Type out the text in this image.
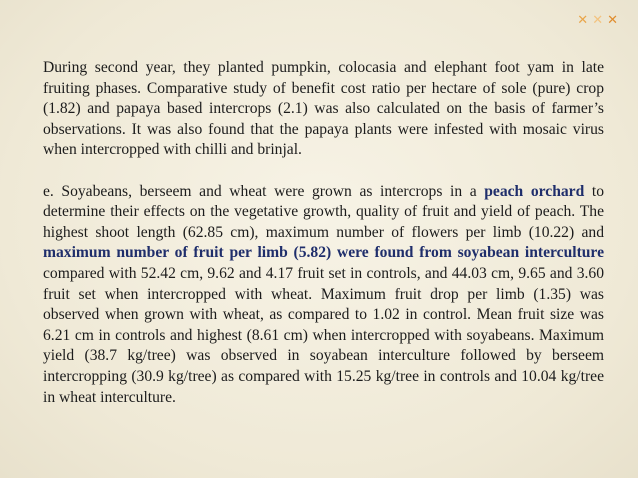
✕ ✕ ✕

During second year, they planted pumpkin, colocasia and elephant foot yam in late fruiting phases. Comparative study of benefit cost ratio per hectare of sole (pure) crop (1.82) and papaya based intercrops (2.1) was also calculated on the basis of farmer’s observations. It was also found that the papaya plants were infested with mosaic virus when intercropped with chilli and brinjal.

e. Soyabeans, berseem and wheat were grown as intercrops in a peach orchard to determine their effects on the vegetative growth, quality of fruit and yield of peach. The highest shoot length (62.85 cm), maximum number of flowers per limb (10.22) and maximum number of fruit per limb (5.82) were found from soyabean interculture compared with 52.42 cm, 9.62 and 4.17 fruit set in controls, and 44.03 cm, 9.65 and 3.60 fruit set when intercropped with wheat. Maximum fruit drop per limb (1.35) was observed when grown with wheat, as compared to 1.02 in control. Mean fruit size was 6.21 cm in controls and highest (8.61 cm) when intercropped with soyabeans. Maximum yield (38.7 kg/tree) was observed in soyabean interculture followed by berseem intercropping (30.9 kg/tree) as compared with 15.25 kg/tree in controls and 10.04 kg/tree in wheat interculture.
